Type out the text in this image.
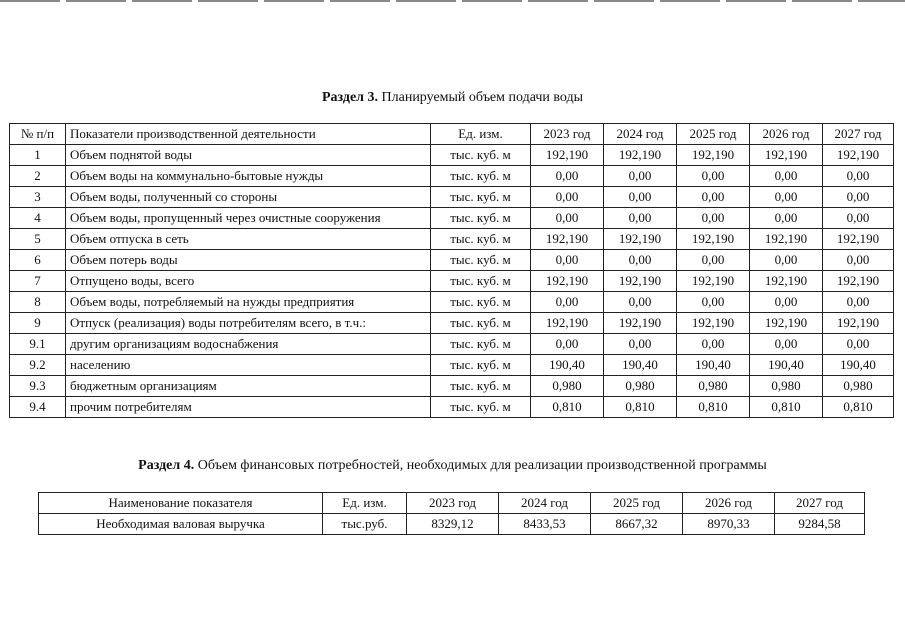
Раздел 3. Планируемый объем подачи воды
№ п/п	Показатели производственной деятельности	Ед. изм.	2023 год	2024 год	2025 год	2026 год	2027 год
1	Объем поднятой воды	тыс. куб. м	192,190	192,190	192,190	192,190	192,190
2	Объем воды на коммунально-бытовые нужды	тыс. куб. м	0,00	0,00	0,00	0,00	0,00
3	Объем воды, полученный со стороны	тыс. куб. м	0,00	0,00	0,00	0,00	0,00
4	Объем воды, пропущенный через очистные сооружения	тыс. куб. м	0,00	0,00	0,00	0,00	0,00
5	Объем отпуска в сеть	тыс. куб. м	192,190	192,190	192,190	192,190	192,190
6	Объем потерь воды	тыс. куб. м	0,00	0,00	0,00	0,00	0,00
7	Отпущено воды, всего	тыс. куб. м	192,190	192,190	192,190	192,190	192,190
8	Объем воды, потребляемый на нужды предприятия	тыс. куб. м	0,00	0,00	0,00	0,00	0,00
9	Отпуск (реализация) воды потребителям всего, в т.ч.:	тыс. куб. м	192,190	192,190	192,190	192,190	192,190
9.1	другим организациям водоснабжения	тыс. куб. м	0,00	0,00	0,00	0,00	0,00
9.2	населению	тыс. куб. м	190,40	190,40	190,40	190,40	190,40
9.3	бюджетным организациям	тыс. куб. м	0,980	0,980	0,980	0,980	0,980
9.4	прочим потребителям	тыс. куб. м	0,810	0,810	0,810	0,810	0,810
Раздел 4. Объем финансовых потребностей, необходимых для реализации производственной программы
Наименование показателя	Ед. изм.	2023 год	2024 год	2025 год	2026 год	2027 год
Необходимая валовая выручка	тыс.руб.	8329,12	8433,53	8667,32	8970,33	9284,58
